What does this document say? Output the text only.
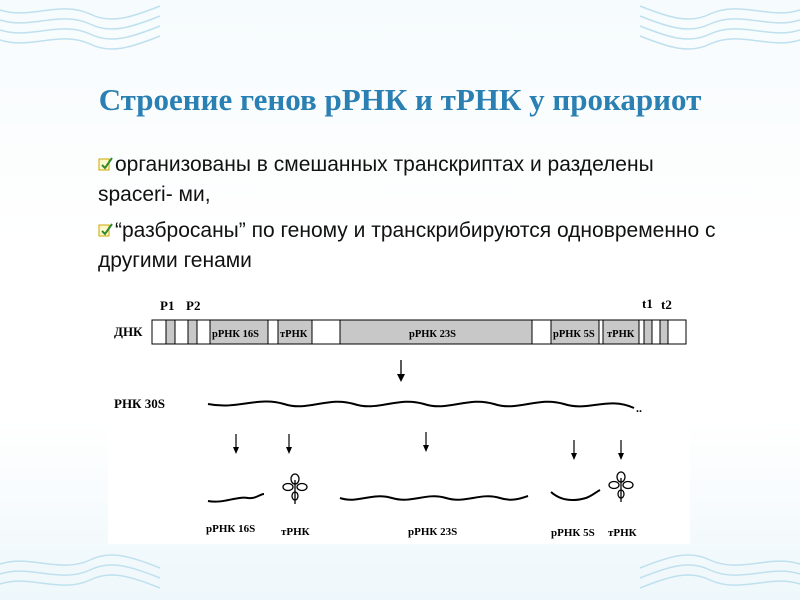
Строение генов рРНК и тРНК у прокариот
организованы в смешанных транскриптах и разделены spaceri- ми,
“разбросаны” по геному и транскрибируются одновременно с другими генами
P1 P2	t1 t2
ДНК	рРНК 16S тРНК	рРНК 23S	рРНК 5S тРНК
РНК 30S	..
рРНК 16S тРНК	рРНК 23S	рРНК 5S тРНК
